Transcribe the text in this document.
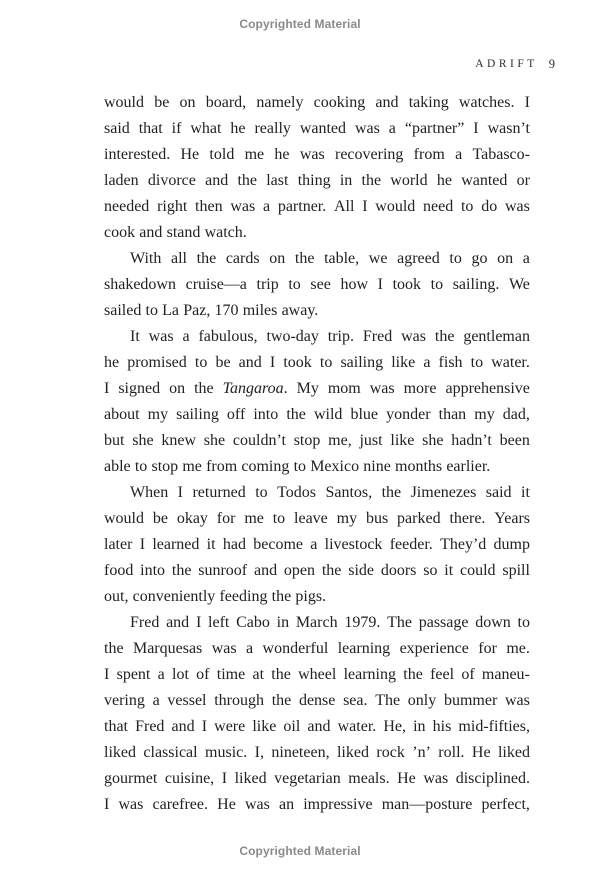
Copyrighted Material
ADRIFT 9
would be on board, namely cooking and taking watches. I
said that if what he really wanted was a “partner” I wasn’t
interested. He told me he was recovering from a Tabasco-
laden divorce and the last thing in the world he wanted or
needed right then was a partner. All I would need to do was
cook and stand watch.
With all the cards on the table, we agreed to go on a
shakedown cruise—a trip to see how I took to sailing. We
sailed to La Paz, 170 miles away.
It was a fabulous, two-day trip. Fred was the gentleman
he promised to be and I took to sailing like a fish to water.
I signed on the Tangaroa. My mom was more apprehensive
about my sailing off into the wild blue yonder than my dad,
but she knew she couldn’t stop me, just like she hadn’t been
able to stop me from coming to Mexico nine months earlier.
When I returned to Todos Santos, the Jimenezes said it
would be okay for me to leave my bus parked there. Years
later I learned it had become a livestock feeder. They’d dump
food into the sunroof and open the side doors so it could spill
out, conveniently feeding the pigs.
Fred and I left Cabo in March 1979. The passage down to
the Marquesas was a wonderful learning experience for me.
I spent a lot of time at the wheel learning the feel of maneu-
vering a vessel through the dense sea. The only bummer was
that Fred and I were like oil and water. He, in his mid-fifties,
liked classical music. I, nineteen, liked rock ’n’ roll. He liked
gourmet cuisine, I liked vegetarian meals. He was disciplined.
I was carefree. He was an impressive man—posture perfect,
Copyrighted Material
